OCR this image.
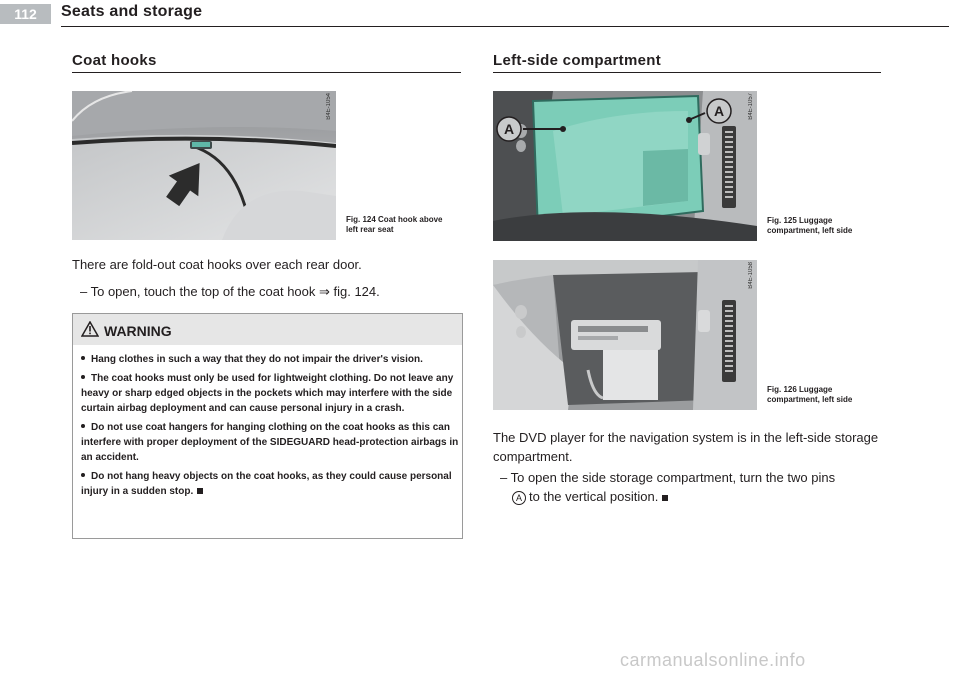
112	Seats and storage
Coat hooks
B4E-1054
Fig. 124 Coat hook above left rear seat
There are fold-out coat hooks over each rear door.
– To open, touch the top of the coat hook ⇒ fig. 124.
WARNING

Hang clothes in such a way that they do not impair the driver's vision.

The coat hooks must only be used for lightweight clothing. Do not leave any heavy or sharp edged objects in the pockets which may interfere with the side curtain airbag deployment and can cause personal injury in a crash.

Do not use coat hangers for hanging clothing on the coat hooks as this can interfere with proper deployment of the SIDEGUARD head-protection airbags in an accident.

Do not hang heavy objects on the coat hooks, as they could cause personal injury in a sudden stop.

Left-side compartment
A
A	B4E-1057
Fig. 125 Luggage compartment, left side
B4E-1058
Fig. 126 Luggage compartment, left side
The DVD player for the navigation system is in the left-side storage compartment.
– To open the side storage compartment, turn the two pins
A to the vertical position.
carmanualsonline.info
